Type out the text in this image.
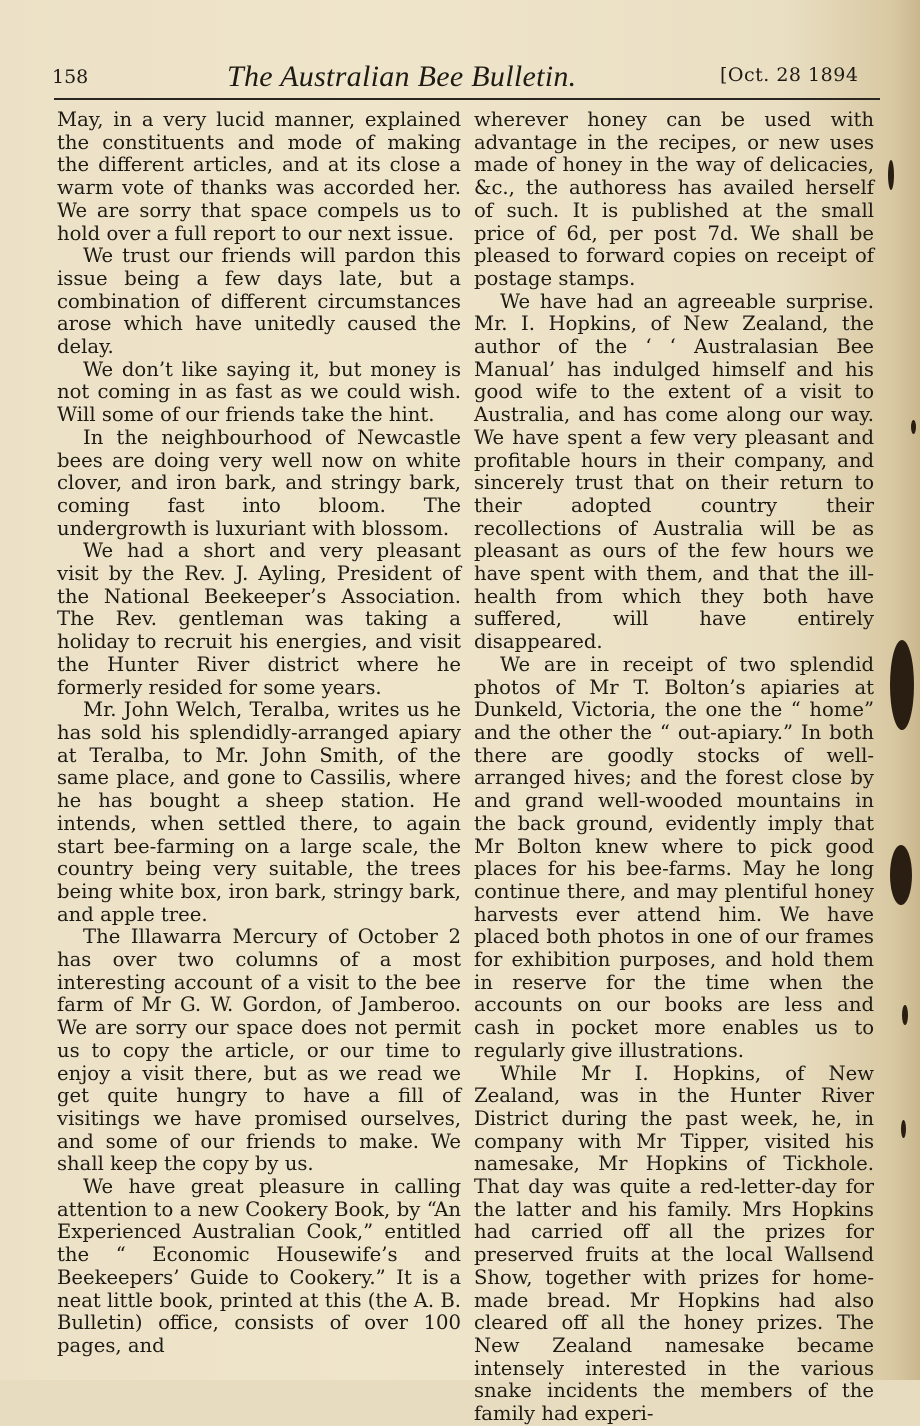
158	The Australian Bee Bulletin.	[Oct. 28 1894

May, in a very lucid manner, explained the constituents and mode of making the different articles, and at its close a warm vote of thanks was accorded her. We are sorry that space compels us to hold over a full report to our next issue.

We trust our friends will pardon this issue being a few days late, but a combination of different circumstances arose which have unitedly caused the delay.

We don’t like saying it, but money is not coming in as fast as we could wish. Will some of our friends take the hint.

In the neighbourhood of Newcastle bees are doing very well now on white clover, and iron bark, and stringy bark, coming fast into bloom. The undergrowth is luxuriant with blossom.

We had a short and very pleasant visit by the Rev. J. Ayling, President of the National Beekeeper’s Association. The Rev. gentleman was taking a holiday to recruit his energies, and visit the Hunter River district where he formerly resided for some years.

Mr. John Welch, Teralba, writes us he has sold his splendidly-arranged apiary at Teralba, to Mr. John Smith, of the same place, and gone to Cassilis, where he has bought a sheep station. He intends, when settled there, to again start bee-farming on a large scale, the country being very suitable, the trees being white box, iron bark, stringy bark, and apple tree.

The Illawarra Mercury of October 2 has over two columns of a most interesting account of a visit to the bee farm of Mr G. W. Gordon, of Jamberoo. We are sorry our space does not permit us to copy the article, or our time to enjoy a visit there, but as we read we get quite hungry to have a fill of visitings we have promised ourselves, and some of our friends to make. We shall keep the copy by us.

We have great pleasure in calling attention to a new Cookery Book, by “An Experienced Australian Cook,” entitled the “ Economic Housewife’s and Beekeepers’ Guide to Cookery.” It is a neat little book, printed at this (the A. B. Bulletin) office, consists of over 100 pages, and

wherever honey can be used with advantage in the recipes, or new uses made of honey in the way of delicacies, &c., the authoress has availed herself of such. It is published at the small price of 6d, per post 7d. We shall be pleased to forward copies on receipt of postage stamps.

We have had an agreeable surprise. Mr. I. Hopkins, of New Zealand, the author of the ‘ ‘ Australasian Bee Manual’ has indulged himself and his good wife to the extent of a visit to Australia, and has come along our way. We have spent a few very pleasant and profitable hours in their company, and sincerely trust that on their return to their adopted country their recollections of Australia will be as pleasant as ours of the few hours we have spent with them, and that the ill-health from which they both have suffered, will have entirely disappeared.

We are in receipt of two splendid photos of Mr T. Bolton’s apiaries at Dunkeld, Victoria, the one the “ home” and the other the “ out-apiary.” In both there are goodly stocks of well-arranged hives; and the forest close by and grand well-wooded mountains in the back ground, evidently imply that Mr Bolton knew where to pick good places for his bee-farms. May he long continue there, and may plentiful honey harvests ever attend him. We have placed both photos in one of our frames for exhibition purposes, and hold them in reserve for the time when the accounts on our books are less and cash in pocket more enables us to regularly give illustrations.

While Mr I. Hopkins, of New Zealand, was in the Hunter River District during the past week, he, in company with Mr Tipper, visited his namesake, Mr Hopkins of Tickhole. That day was quite a red-letter-day for the latter and his family. Mrs Hopkins had carried off all the prizes for preserved fruits at the local Wallsend Show, together with prizes for home-made bread. Mr Hopkins had also cleared off all the honey prizes. The New Zealand namesake became intensely interested in the various snake incidents the members of the family had experi-
